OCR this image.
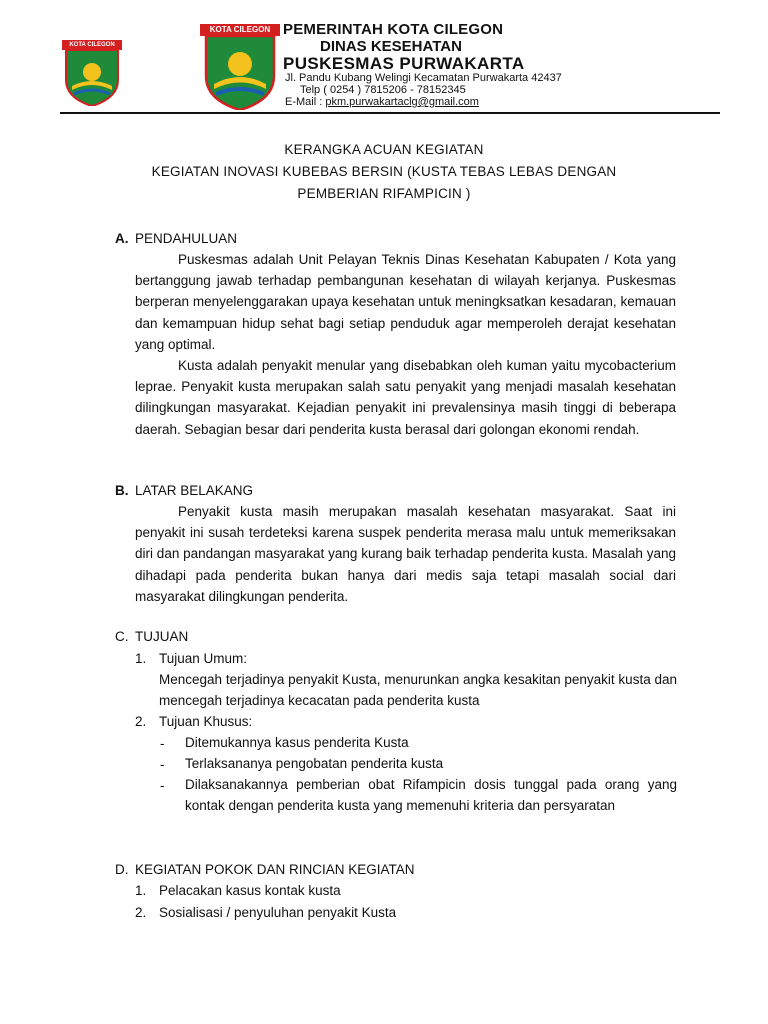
KOTA CILEGON
KOTA CILEGON PEMERINTAH KOTA CILEGON
DINAS KESEHATAN
PUSKESMAS PURWAKARTA
Jl. Pandu Kubang Welingi Kecamatan Purwakarta 42437
Telp ( 0254 ) 7815206 - 78152345
E-Mail : pkm.purwakartaclg@gmail.com
KERANGKA ACUAN KEGIATAN
KEGIATAN INOVASI KUBEBAS BERSIN (KUSTA TEBAS LEBAS DENGAN
PEMBERIAN RIFAMPICIN )
A. PENDAHULUAN

Puskesmas adalah Unit Pelayan Teknis Dinas Kesehatan Kabupaten / Kota yang bertanggung jawab terhadap pembangunan kesehatan di wilayah kerjanya. Puskesmas berperan menyelenggarakan upaya kesehatan untuk meningksatkan kesadaran, kemauan dan kemampuan hidup sehat bagi setiap penduduk agar memperoleh derajat kesehatan yang optimal.

Kusta adalah penyakit menular yang disebabkan oleh kuman yaitu mycobacterium leprae. Penyakit kusta merupakan salah satu penyakit yang menjadi masalah kesehatan dilingkungan masyarakat. Kejadian penyakit ini prevalensinya masih tinggi di beberapa daerah. Sebagian besar dari penderita kusta berasal dari golongan ekonomi rendah.

B. LATAR BELAKANG

Penyakit kusta masih merupakan masalah kesehatan masyarakat. Saat ini penyakit ini susah terdeteksi karena suspek penderita merasa malu untuk memeriksakan diri dan pandangan masyarakat yang kurang baik terhadap penderita kusta. Masalah yang dihadapi pada penderita bukan hanya dari medis saja tetapi masalah social dari masyarakat dilingkungan penderita.

C. TUJUAN
1. Tujuan Umum:

Mencegah terjadinya penyakit Kusta, menurunkan angka kesakitan penyakit kusta dan mencegah terjadinya kecacatan pada penderita kusta

2. Tujuan Khusus:
- Ditemukannya kasus penderita Kusta

- Terlaksananya pengobatan penderita kusta

- Dilaksanakannya pemberian obat Rifampicin dosis tunggal pada orang yang kontak dengan penderita kusta yang memenuhi kriteria dan persyaratan

D. KEGIATAN POKOK DAN RINCIAN KEGIATAN
1. Pelacakan kasus kontak kusta
2. Sosialisasi / penyuluhan penyakit Kusta
